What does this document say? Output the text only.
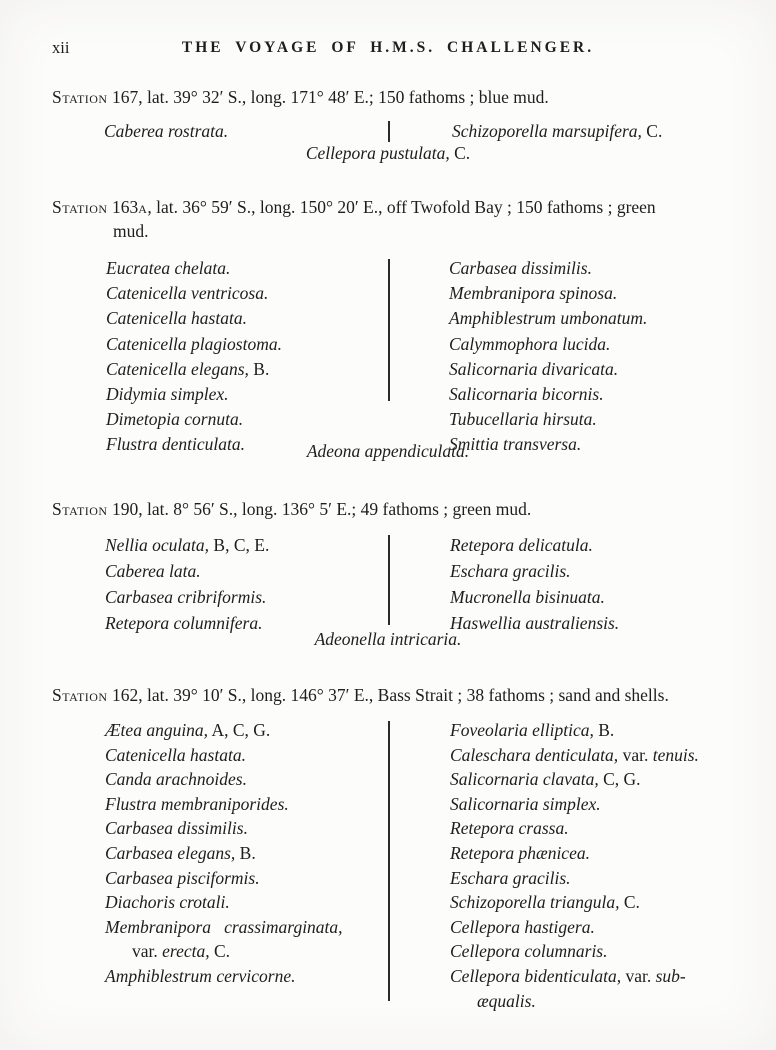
xii	THE VOYAGE OF H.M.S. CHALLENGER.
Station 167, lat. 39° 32′ S., long. 171° 48′ E.; 150 fathoms ; blue mud.
Caberea rostrata.	Schizoporella marsupifera, C.
Cellepora pustulata, C.
Station 163a, lat. 36° 59′ S., long. 150° 20′ E., off Twofold Bay ; 150 fathoms ; green
mud.
Eucratea chelata.
Catenicella ventricosa.
Catenicella hastata.
Catenicella plagiostoma.
Catenicella elegans, B.
Didymia simplex.
Dimetopia cornuta.
Flustra denticulata.
Carbasea dissimilis.
Membranipora spinosa.
Amphiblestrum umbonatum.
Calymmophora lucida.
Salicornaria divaricata.
Salicornaria bicornis.
Tubucellaria hirsuta.
Smittia transversa.
Adeona appendiculata.
Station 190, lat. 8° 56′ S., long. 136° 5′ E.; 49 fathoms ; green mud.
Nellia oculata, B, C, E.
Caberea lata.
Carbasea cribriformis.
Retepora columnifera.
Retepora delicatula.
Eschara gracilis.
Mucronella bisinuata.
Haswellia australiensis.
Adeonella intricaria.
Station 162, lat. 39° 10′ S., long. 146° 37′ E., Bass Strait ; 38 fathoms ; sand and shells.
Ætea anguina, A, C, G.
Catenicella hastata.
Canda arachnoides.
Flustra membraniporides.
Carbasea dissimilis.
Carbasea elegans, B.
Carbasea pisciformis.
Diachoris crotali.
Membranipora   crassimarginata,
var. erecta, C.
Amphiblestrum cervicorne.
Foveolaria elliptica, B.
Caleschara denticulata, var. tenuis.
Salicornaria clavata, C, G.
Salicornaria simplex.
Retepora crassa.
Retepora phænicea.
Eschara gracilis.
Schizoporella triangula, C.
Cellepora hastigera.
Cellepora columnaris.
Cellepora bidenticulata, var. sub-
æqualis.
